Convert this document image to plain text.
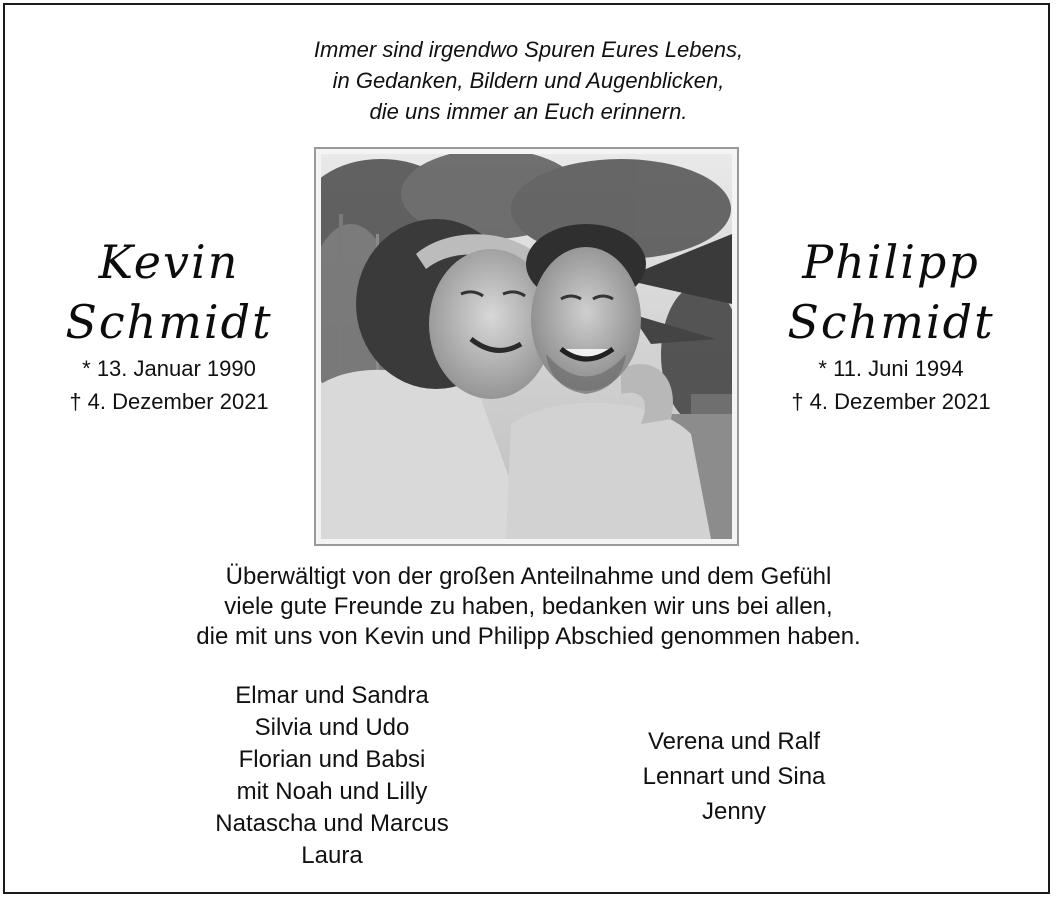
Immer sind irgendwo Spuren Eures Lebens,
in Gedanken, Bildern und Augenblicken,
die uns immer an Euch erinnern.
Kevin
Schmidt
* 13. Januar 1990
† 4. Dezember 2021
Philipp
Schmidt
* 11. Juni 1994
† 4. Dezember 2021
Überwältigt von der großen Anteilnahme und dem Gefühl
viele gute Freunde zu haben, bedanken wir uns bei allen,
die mit uns von Kevin und Philipp Abschied genommen haben.
Elmar und Sandra
Silvia und Udo
Florian und Babsi
mit Noah und Lilly
Natascha und Marcus
Laura
Verena und Ralf
Lennart und Sina
Jenny
